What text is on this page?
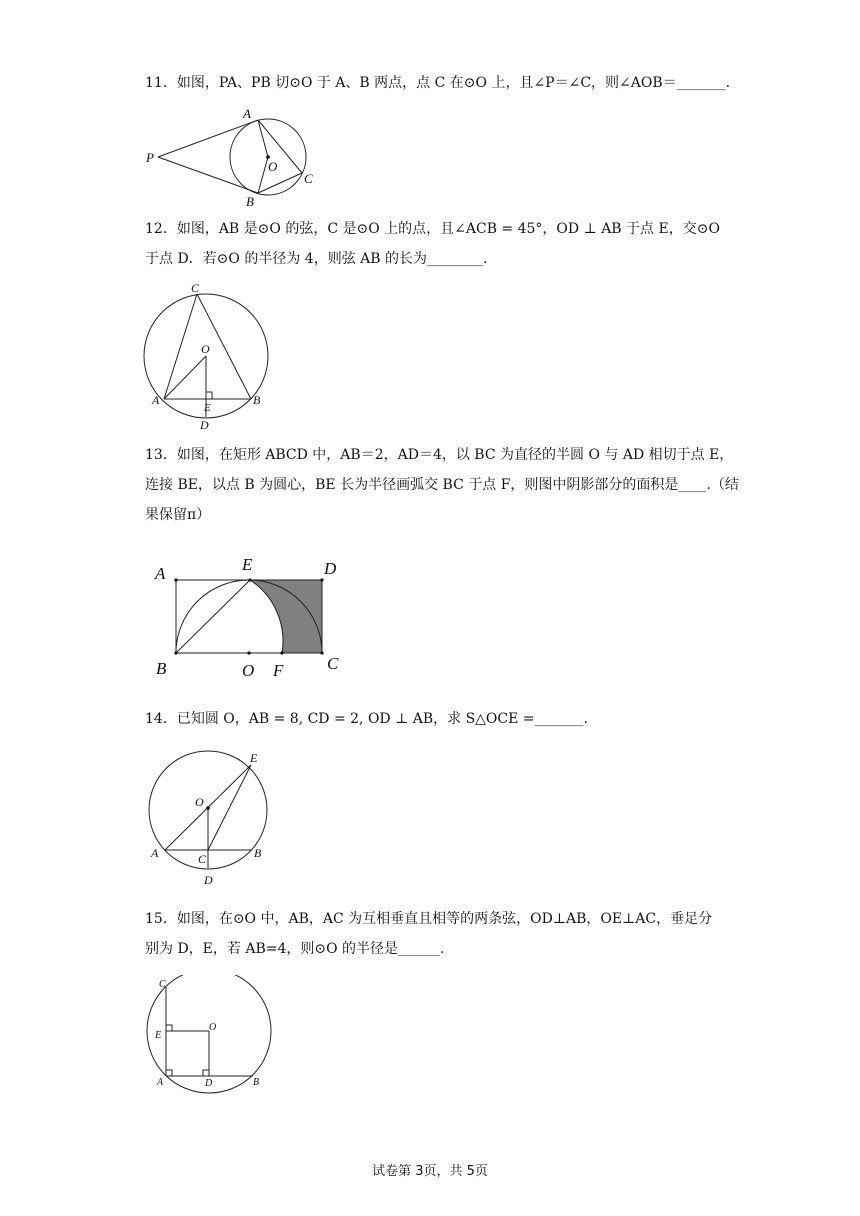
11．如图，PA、PB 切⊙O 于 A、B 两点，点 C 在⊙O 上，且∠P＝∠C，则∠AOB＝_______.
P
A
B
O
C
12．如图，AB 是⊙O 的弦，C 是⊙O 上的点，且∠ACB = 45°，OD ⊥ AB 于点 E，交⊙O
于点 D．若⊙O 的半径为 4，则弦 AB 的长为________.
C
O
A
E
B
D
13．如图，在矩形 ABCD 中，AB＝2，AD＝4，以 BC 为直径的半圆 O 与 AD 相切于点 E，
连接 BE，以点 B 为圆心，BE 长为半径画弧交 BC 于点 F，则图中阴影部分的面积是____.（结
果保留π）
A	E	D
B	O F	C
14．已知圆 O，AB = 8, CD = 2, OD ⊥ AB，求 S△OCE =_______.
E
O
A	C	B
D
15．如图，在⊙O 中，AB，AC 为互相垂直且相等的两条弦，OD⊥AB，OE⊥AC，垂足分
别为 D，E，若 AB=4，则⊙O 的半径是______.
C
E
O
A	D	B
试卷第 3页，共 5页
